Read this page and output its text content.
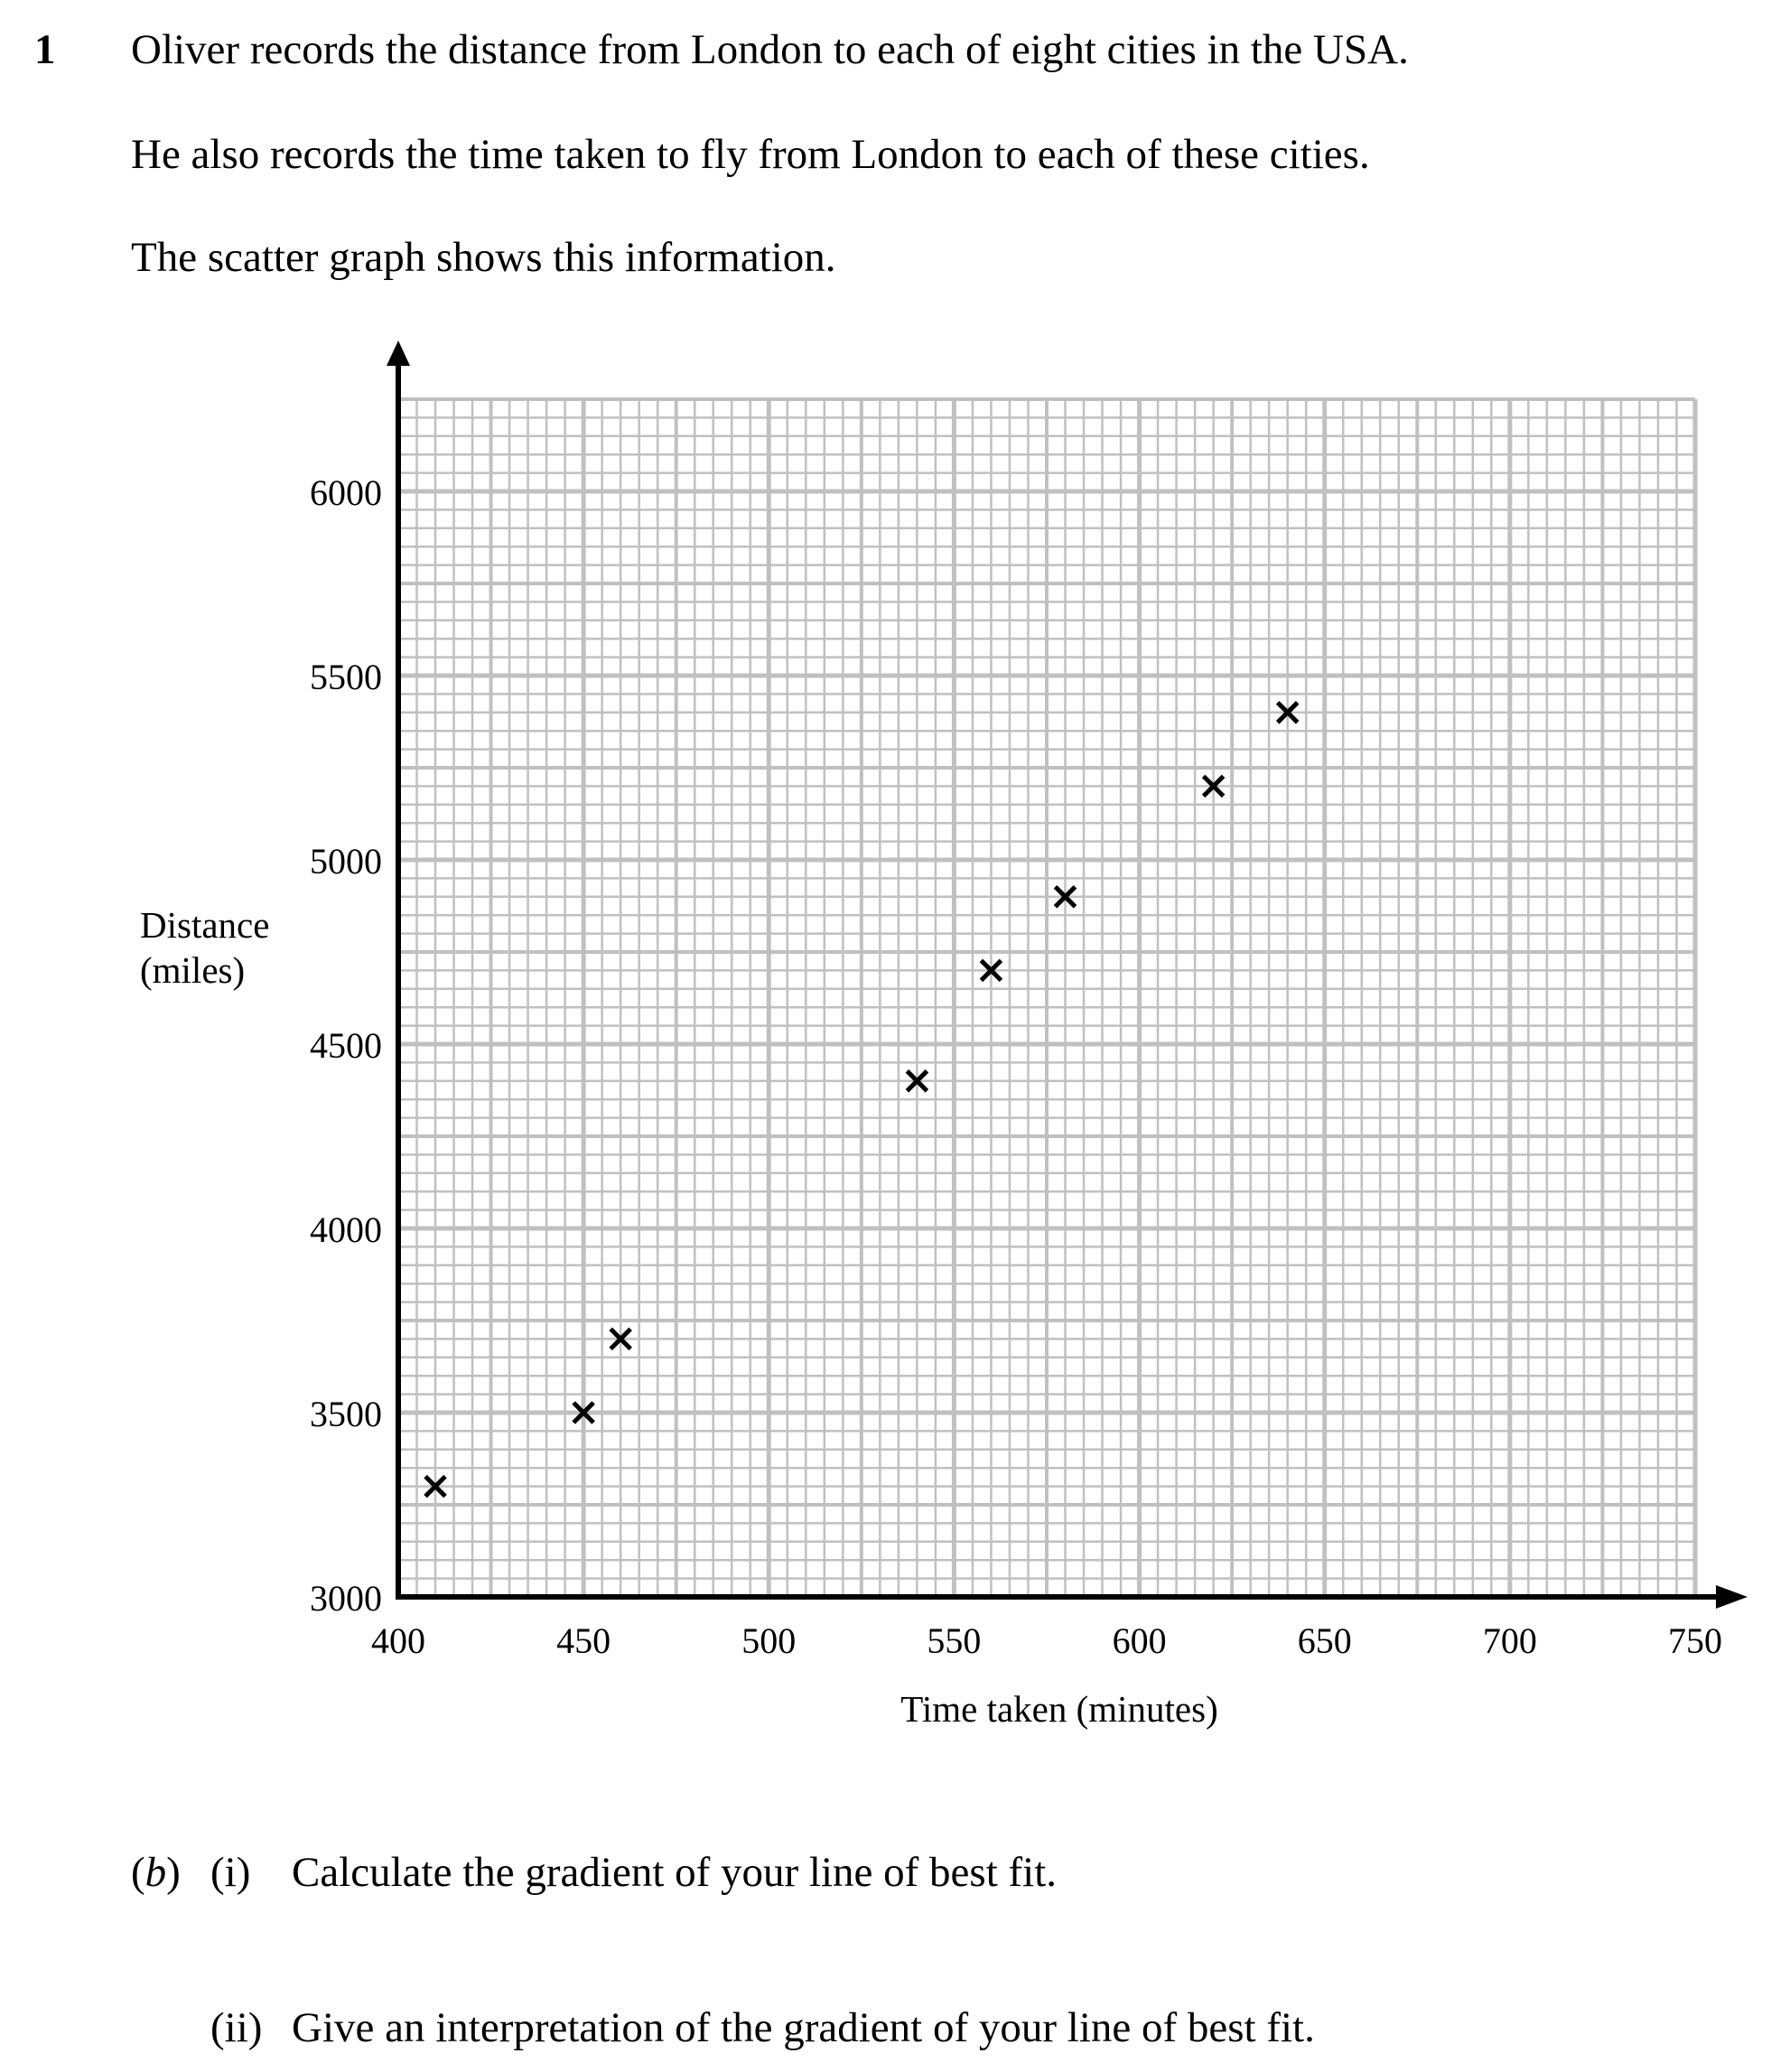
1 Oliver records the distance from London to each of eight cities in the USA.
He also records the time taken to fly from London to each of these cities.
The scatter graph shows this information.
400	450	500	550	600	650	700	750
3000
3500
4000
4500
5000
5500
6000
Distance
(miles)
Time taken (minutes)
(b) (i) Calculate the gradient of your line of best fit.
(ii) Give an interpretation of the gradient of your line of best fit.
